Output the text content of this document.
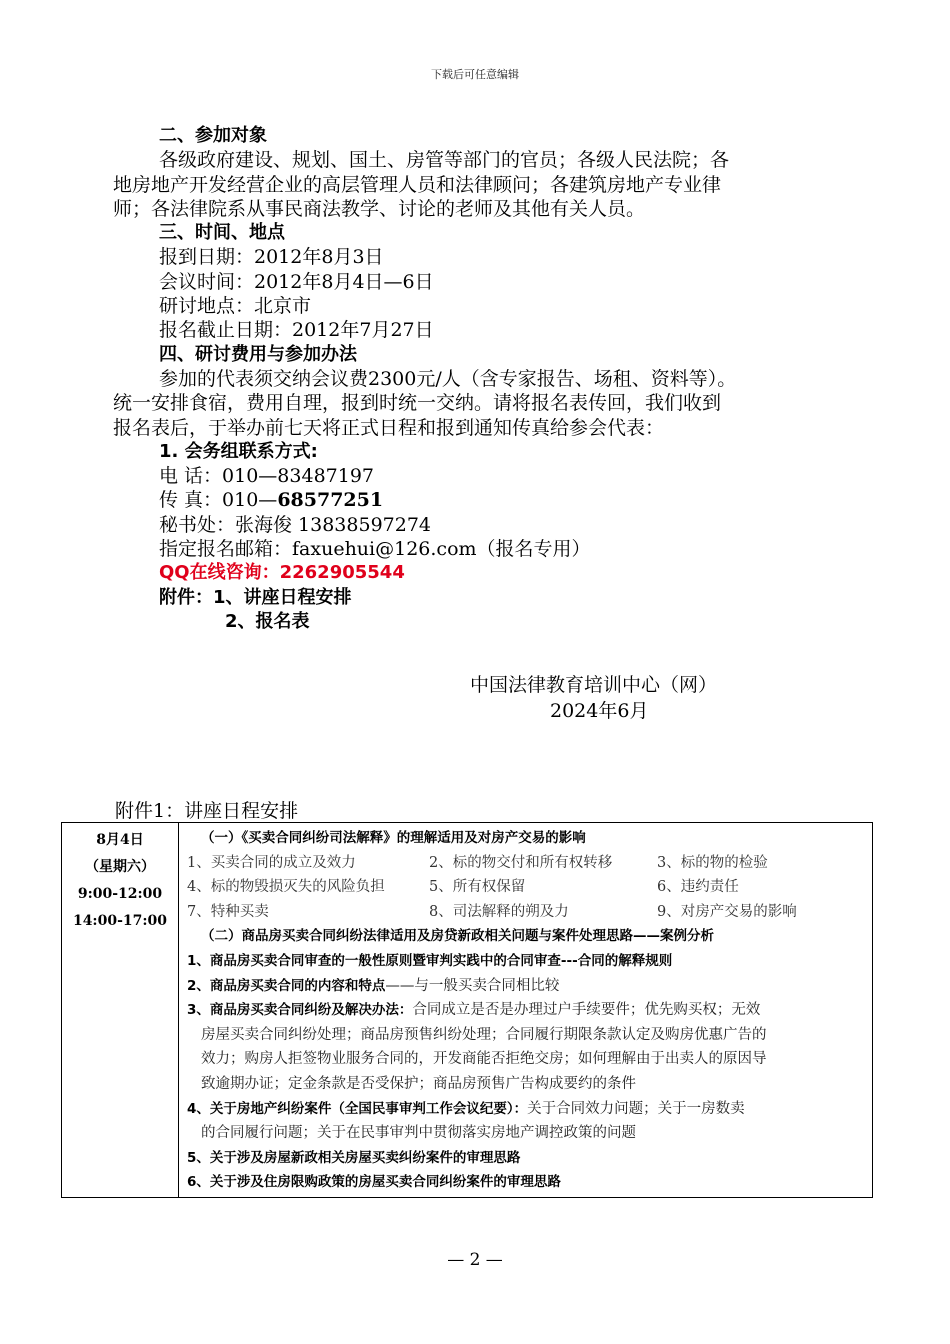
下载后可任意编辑
二、参加对象
各级政府建设、规划、国土、房管等部门的官员；各级人民法院；各
地房地产开发经营企业的高层管理人员和法律顾问；各建筑房地产专业律
师；各法律院系从事民商法教学、讨论的老师及其他有关人员。
三、时间、地点
报到日期：2012年8月3日
会议时间：2012年8月4日—6日
研讨地点：北京市
报名截止日期：2012年7月27日
四、研讨费用与参加办法
参加的代表须交纳会议费2300元/人（含专家报告、场租、资料等）。
统一安排食宿，费用自理，报到时统一交纳。请将报名表传回，我们收到
报名表后，于举办前七天将正式日程和报到通知传真给参会代表：
1. 会务组联系方式:
电 话：010—83487197
传 真：010—68577251
秘书处：张海俊 13838597274
指定报名邮箱：faxuehui@126.com（报名专用）
QQ在线咨询：2262905544
附件：1、讲座日程安排
2、报名表
中国法律教育培训中心（网）
2024年6月
附件1：讲座日程安排
8月4日
（星期六）
9:00-12:00
14:00-17:00

（一）《买卖合同纠纷司法解释》的理解适用及对房产交易的影响
1、买卖合同的成立及效力	2、标的物交付和所有权转移	3、标的物的检验
4、标的物毁损灭失的风险负担	5、所有权保留	6、违约责任
7、特种买卖	8、司法解释的朔及力	9、对房产交易的影响
（二）商品房买卖合同纠纷法律适用及房贷新政相关问题与案件处理思路——案例分析
1、商品房买卖合同审查的一般性原则暨审判实践中的合同审查---合同的解释规则
2、商品房买卖合同的内容和特点——与一般买卖合同相比较
3、商品房买卖合同纠纷及解决办法：合同成立是否是办理过户手续要件；优先购买权；无效
房屋买卖合同纠纷处理；商品房预售纠纷处理；合同履行期限条款认定及购房优惠广告的
效力；购房人拒签物业服务合同的，开发商能否拒绝交房；如何理解由于出卖人的原因导
致逾期办证；定金条款是否受保护；商品房预售广告构成要约的条件
4、关于房地产纠纷案件（全国民事审判工作会议纪要）：关于合同效力问题；关于一房数卖
的合同履行问题；关于在民事审判中贯彻落实房地产调控政策的问题
5、关于涉及房屋新政相关房屋买卖纠纷案件的审理思路
6、关于涉及住房限购政策的房屋买卖合同纠纷案件的审理思路
— 2 —
